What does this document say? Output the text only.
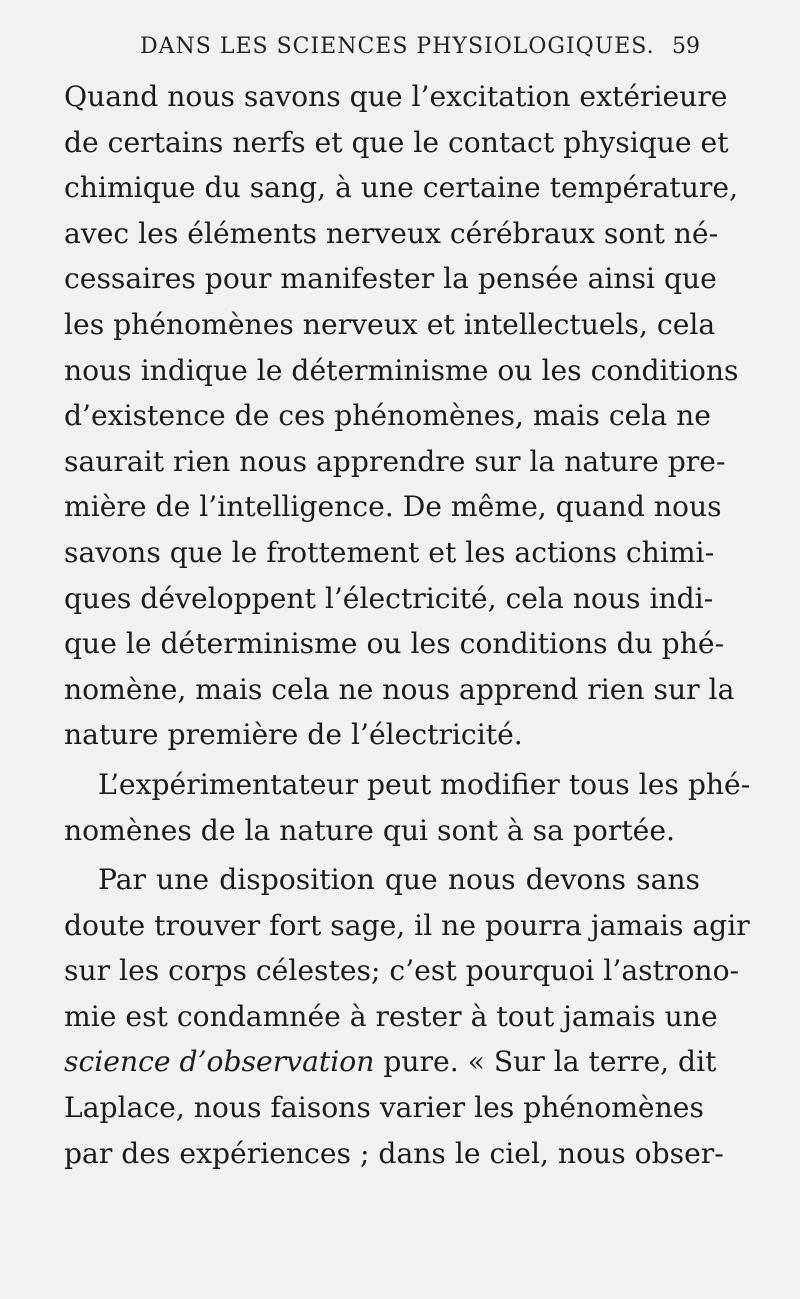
DANS LES SCIENCES PHYSIOLOGIQUES. 59
Quand nous savons que l’excitation extérieure
de certains nerfs et que le contact physique et
chimique du sang, à une certaine température,
avec les éléments nerveux cérébraux sont né-
cessaires pour manifester la pensée ainsi que
les phénomènes nerveux et intellectuels, cela
nous indique le déterminisme ou les conditions
d’existence de ces phénomènes, mais cela ne
saurait rien nous apprendre sur la nature pre-
mière de l’intelligence. De même, quand nous
savons que le frottement et les actions chimi-
ques développent l’électricité, cela nous indi-
que le déterminisme ou les conditions du phé-
nomène, mais cela ne nous apprend rien sur la
nature première de l’électricité.
L’expérimentateur peut modifier tous les phé-
nomènes de la nature qui sont à sa portée.
Par une disposition que nous devons sans
doute trouver fort sage, il ne pourra jamais agir
sur les corps célestes; c’est pourquoi l’astrono-
mie est condamnée à rester à tout jamais une
science d’observation pure. « Sur la terre, dit
Laplace, nous faisons varier les phénomènes
par des expériences ; dans le ciel, nous obser-
